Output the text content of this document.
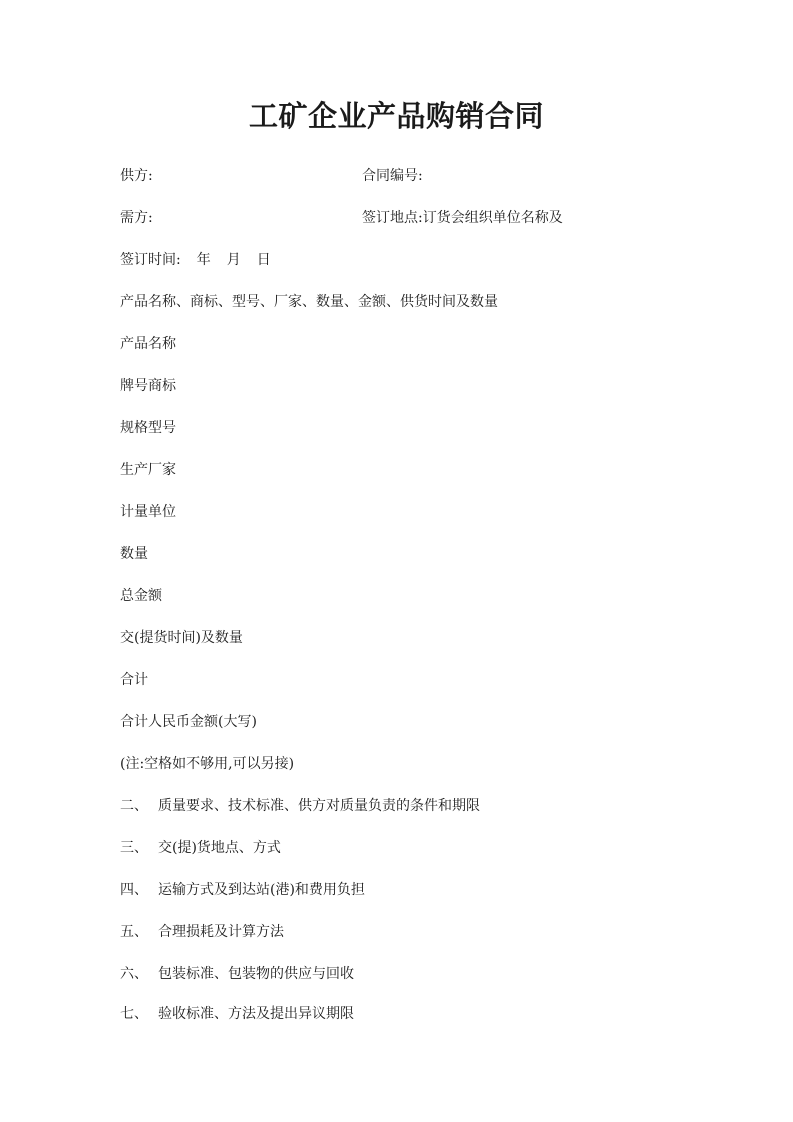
工矿企业产品购销合同
供方:	合同编号:
需方:	签订地点:订货会组织单位名称及
签订时间: 年 月 日
产品名称、商标、型号、厂家、数量、金额、供货时间及数量
产品名称
牌号商标
规格型号
生产厂家
计量单位
数量
总金额
交(提货时间)及数量
合计
合计人民币金额(大写)
(注:空格如不够用,可以另接)
二、 质量要求、技术标准、供方对质量负责的条件和期限
三、 交(提)货地点、方式
四、 运输方式及到达站(港)和费用负担
五、 合理损耗及计算方法
六、 包装标准、包装物的供应与回收
七、 验收标准、方法及提出异议期限
